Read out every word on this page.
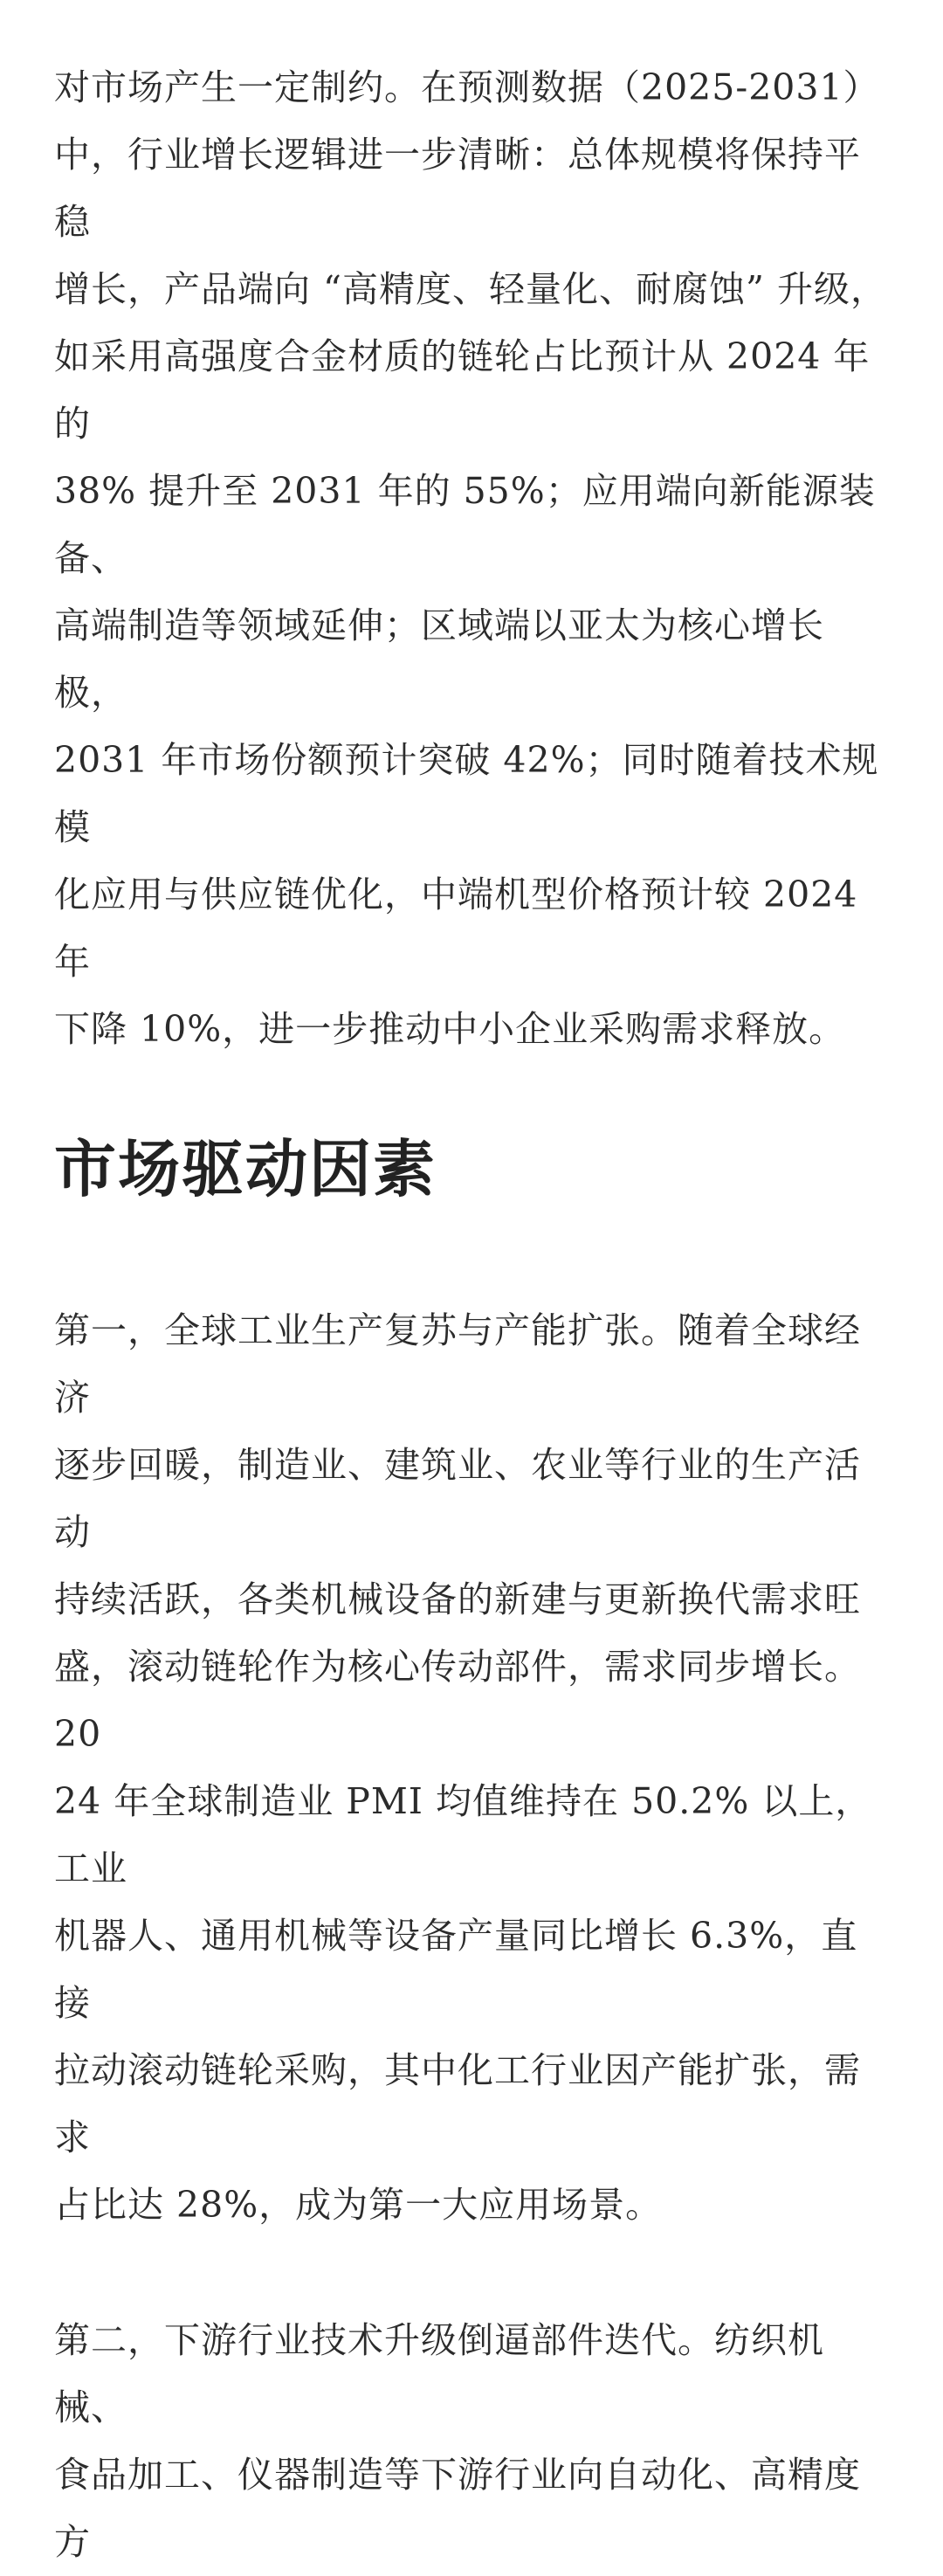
对市场产生一定制约。在预测数据（2025-2031）
中，行业增长逻辑进一步清晰：总体规模将保持平稳
增长，产品端向 “高精度、轻量化、耐腐蚀” 升级，
如采用高强度合金材质的链轮占比预计从 2024 年的
38% 提升至 2031 年的 55%；应用端向新能源装备、
高端制造等领域延伸；区域端以亚太为核心增长极，
2031 年市场份额预计突破 42%；同时随着技术规模
化应用与供应链优化，中端机型价格预计较 2024 年
下降 10%，进一步推动中小企业采购需求释放。

市场驱动因素

第一，全球工业生产复苏与产能扩张。随着全球经济
逐步回暖，制造业、建筑业、农业等行业的生产活动
持续活跃，各类机械设备的新建与更新换代需求旺
盛，滚动链轮作为核心传动部件，需求同步增长。20
24 年全球制造业 PMI 均值维持在 50.2% 以上，工业
机器人、通用机械等设备产量同比增长 6.3%，直接
拉动滚动链轮采购，其中化工行业因产能扩张，需求
占比达 28%，成为第一大应用场景。

第二，下游行业技术升级倒逼部件迭代。纺织机械、
食品加工、仪器制造等下游行业向自动化、高精度方
